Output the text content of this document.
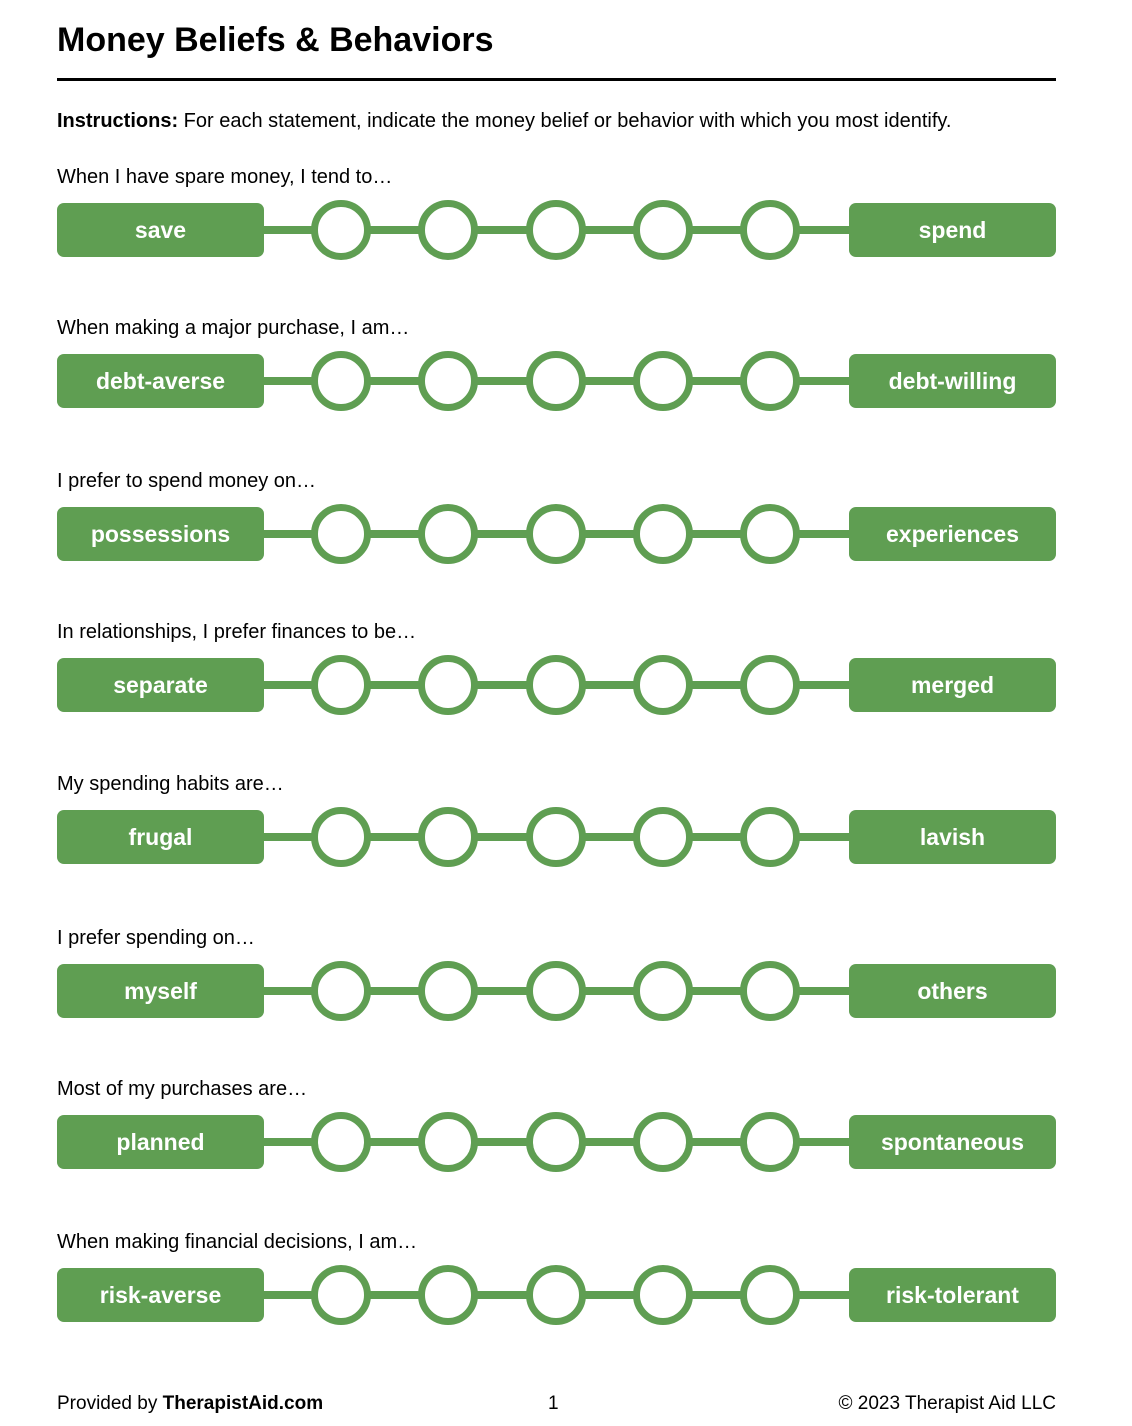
Money Beliefs & Behaviors
Instructions: For each statement, indicate the money belief or behavior with which you most identify.
When I have spare money, I tend to…
save	spend
When making a major purchase, I am…
debt-averse	debt-willing
I prefer to spend money on…
possessions	experiences
In relationships, I prefer finances to be…
separate	merged
My spending habits are…
frugal	lavish
I prefer spending on…
myself	others
Most of my purchases are…
planned	spontaneous
When making financial decisions, I am…
risk-averse	risk-tolerant
Provided by TherapistAid.com	1	© 2023 Therapist Aid LLC
